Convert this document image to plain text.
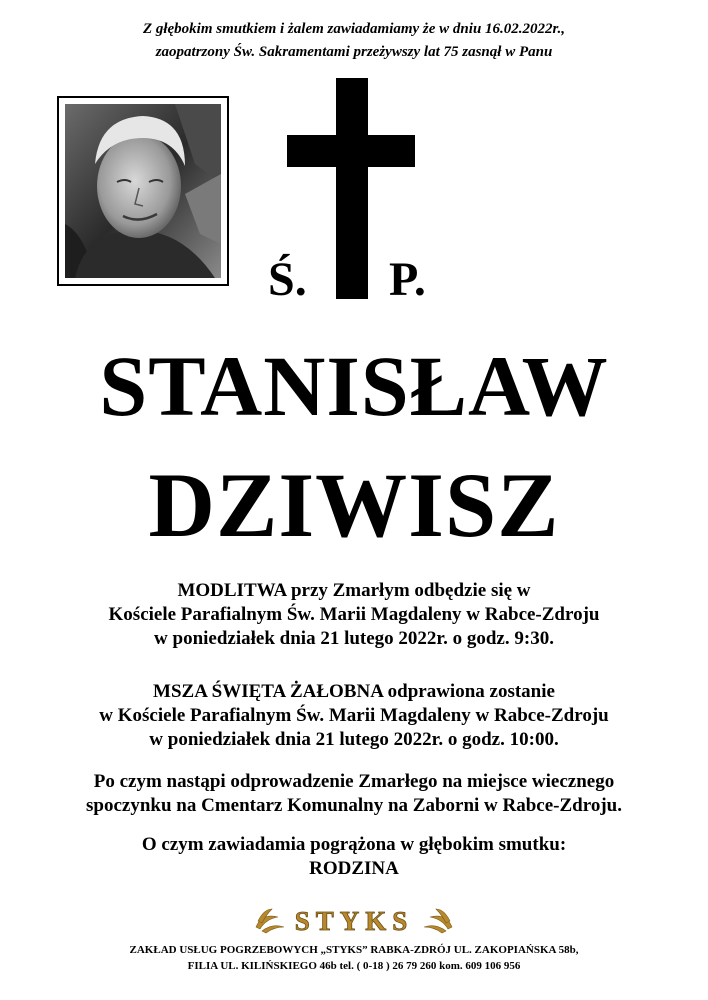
Z głębokim smutkiem i żalem zawiadamiamy że w dniu 16.02.2022r.,
zaopatrzony Św. Sakramentami przeżywszy lat 75 zasnął w Panu
Ś. P.
STANISŁAW
DZIWISZ
MODLITWA przy Zmarłym odbędzie się w
Kościele Parafialnym Św. Marii Magdaleny w Rabce-Zdroju
w poniedziałek dnia 21 lutego 2022r. o godz. 9:30.
MSZA ŚWIĘTA ŻAŁOBNA odprawiona zostanie
w Kościele Parafialnym Św. Marii Magdaleny w Rabce-Zdroju
w poniedziałek dnia 21 lutego 2022r. o godz. 10:00.
Po czym nastąpi odprowadzenie Zmarłego na miejsce wiecznego
spoczynku na Cmentarz Komunalny na Zaborni w Rabce-Zdroju.
O czym zawiadamia pogrążona w głębokim smutku:
RODZINA
STYKS
ZAKŁAD USŁUG POGRZEBOWYCH „STYKS” RABKA-ZDRÓJ UL. ZAKOPIAŃSKA 58b,
FILIA UL. KILIŃSKIEGO 46b tel. ( 0-18 ) 26 79 260 kom. 609 106 956
